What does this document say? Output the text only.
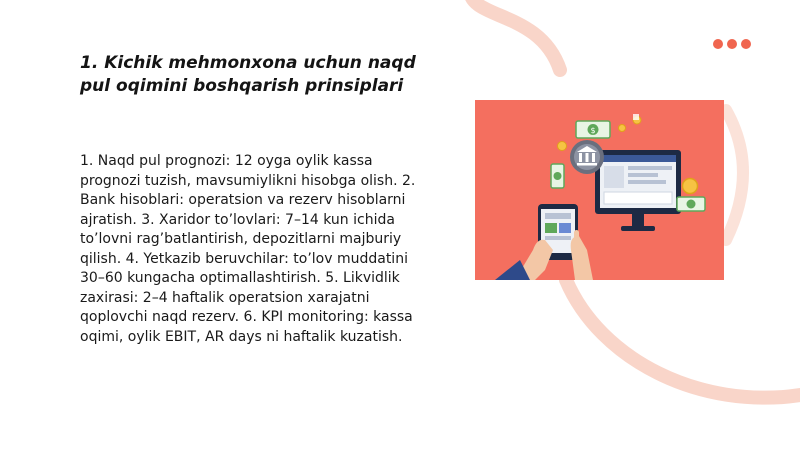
1. Kichik mehmonxona uchun naqd pul oqimini boshqarish prinsiplari
1. Naqd pul prognozi: 12 oyga oylik kassa prognozi tuzish, mavsumiylikni hisobga olish. 2. Bank hisoblari: operatsion va rezerv hisoblarni ajratish. 3. Xaridor to’lovlari: 7–14 kun ichida to’lovni rag’batlantirish, depozitlarni majburiy qilish. 4. Yetkazib beruvchilar: to’lov muddatini 30–60 kungacha optimallashtirish. 5. Likvidlik zaxirasi: 2–4 haftalik operatsion xarajatni qoplovchi naqd rezerv. 6. KPI monitoring: kassa oqimi, oylik EBIT, AR days ni haftalik kuzatish.
$
